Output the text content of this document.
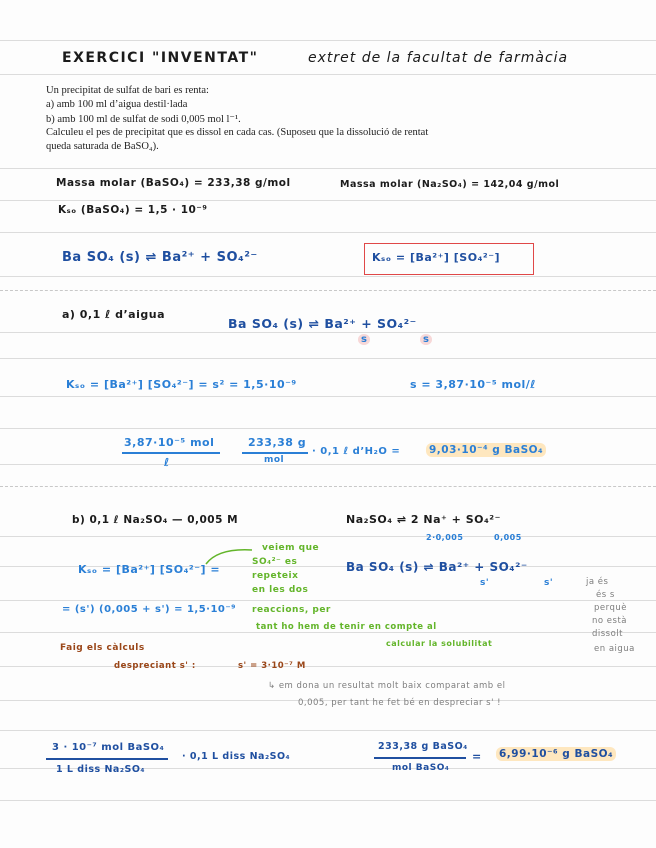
EXERCICI "INVENTAT"	extret de la facultat de farmàcia
Un precipitat de sulfat de bari es renta:
a) amb 100 ml d’aigua destil·lada
b) amb 100 ml de sulfat de sodi 0,005 mol l⁻¹.
Calculeu el pes de precipitat que es dissol en cada cas. (Suposeu que la dissolució de rentat
queda saturada de BaSO₄).
Massa molar (BaSO₄) = 233,38 g/mol	Massa molar (Na₂SO₄) = 142,04 g/mol
Kₛₒ (BaSO₄) = 1,5 · 10⁻⁹
Ba SO₄ (s) ⇌ Ba²⁺ + SO₄²⁻	Kₛₒ = [Ba²⁺] [SO₄²⁻]
a) 0,1 ℓ d’aigua
Ba SO₄ (s) ⇌ Ba²⁺ + SO₄²⁻
s	s
Kₛₒ = [Ba²⁺] [SO₄²⁻] = s² = 1,5·10⁻⁹	s = 3,87·10⁻⁵ mol/ℓ
3,87·10⁻⁵ mol
ℓ
233,38 g
mol
· 0,1 ℓ d’H₂O =	9,03·10⁻⁴ g BaSO₄
b) 0,1 ℓ Na₂SO₄ — 0,005 M	Na₂SO₄ ⇌ 2 Na⁺ + SO₄²⁻
2·0,005	0,005
Kₛₒ = [Ba²⁺] [SO₄²⁻] =
veiem que
SO₄²⁻ es
repeteix
en les dos
reaccions, per
tant ho hem de tenir en compte al
calcular la solubilitat
Ba SO₄ (s) ⇌ Ba²⁺ + SO₄²⁻
s'	s'	ja és
és s
perquè
no està
dissolt
en aigua
= (s') (0,005 + s') = 1,5·10⁻⁹
Faig els càlculs
despreciant s' :	s' = 3·10⁻⁷ M
↳ em dona un resultat molt baix comparat amb el
0,005, per tant he fet bé en despreciar s' !
3 · 10⁻⁷ mol BaSO₄
1 L diss Na₂SO₄
· 0,1 L diss Na₂SO₄
233,38 g BaSO₄
mol BaSO₄
= 6,99·10⁻⁶ g BaSO₄
